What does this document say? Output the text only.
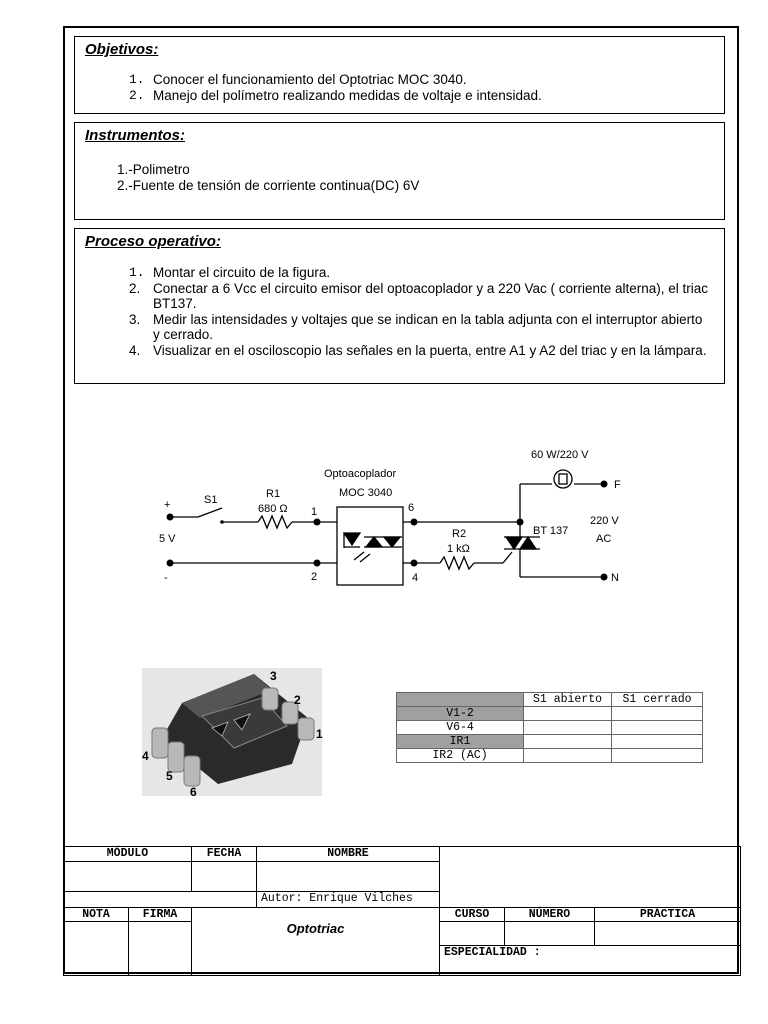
Objetivos:
1. Conocer el funcionamiento del Optotriac MOC 3040.
2. Manejo del polímetro realizando medidas de voltaje e intensidad.
Instrumentos:
1.-Polimetro
2.-Fuente de tensión de corriente continua(DC) 6V
Proceso operativo:
1. Montar el circuito de la figura.
2. Conectar a 6 Vcc el circuito emisor del optoacoplador y a 220 Vac ( corriente alterna), el triac BT137.
3. Medir las intensidades y voltajes que se indican en la tabla adjunta con el interruptor abierto y cerrado.
4. Visualizar en el osciloscopio las señales en la puerta, entre A1 y A2 del triac y en la lámpara.
+
-
5 V
S1	R1
680 Ω
Optoacoplador
MOC 3040
1
2
6
4
R2
1 kΩ
60 W/220 V
BT 137
220 V
AC
F
N
1
2
3
4
5
6
	S1 abierto	S1 cerrado
V1-2		
V6-4		
IR1		
IR2 (AC)		
MÓDULO	FECHA	NOMBRE
Autor: Enrique Vilches
NOTA	FIRMA
Optotriac
CURSO	NÚMERO	PRÁCTICA
ESPECIALIDAD :
